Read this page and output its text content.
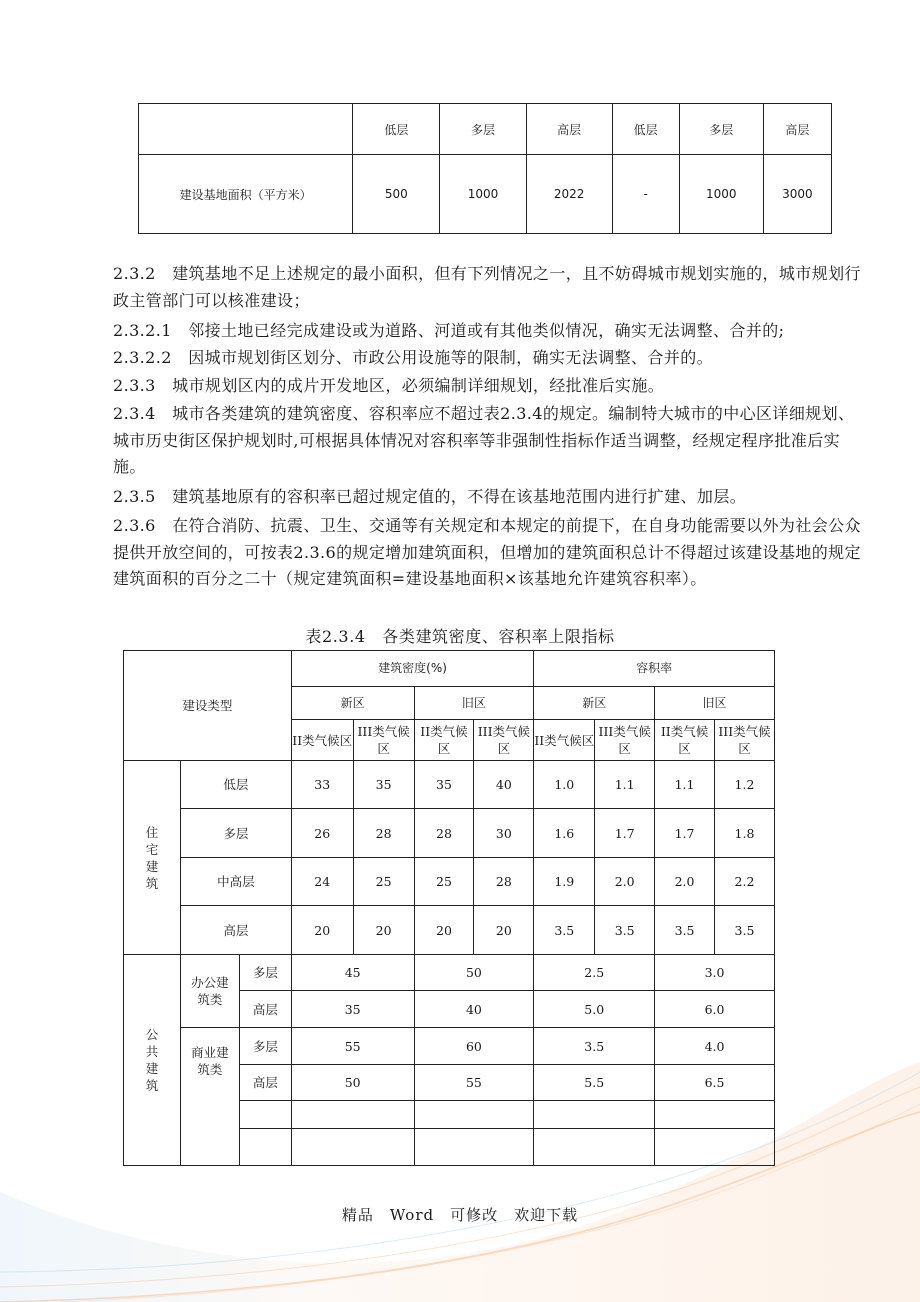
	低层	多层	高层	低层	多层	高层
建设基地面积（平方米）	500	1000	2022	-	1000	3000

2.3.2　 建筑基地不足上述规定的最小面积，但有下列情况之一，且不妨碍城市规划实施的，城市规划行政主管部门可以核准建设；

2.3.2.1　 邻接土地已经完成建设或为道路、河道或有其他类似情况，确实无法调整、合并的;

2.3.2.2　 因城市规划街区划分、市政公用设施等的限制，确实无法调整、合并的。

2.3.3　 城市规划区内的成片开发地区，必须编制详细规划，经批准后实施。

2.3.4　 城市各类建筑的建筑密度、容积率应不超过表2.3.4的规定。编制特大城市的中心区详细规划、城市历史街区保护规划时,可根据具体情况对容积率等非强制性指标作适当调整，经规定程序批准后实施。

2.3.5　 建筑基地原有的容积率已超过规定值的，不得在该基地范围内进行扩建、加层。

2.3.6　 在符合消防、抗震、卫生、交通等有关规定和本规定的前提下，在自身功能需要以外为社会公众提供开放空间的，可按表2.3.6的规定增加建筑面积，但增加的建筑面积总计不得超过该建设基地的规定建筑面积的百分之二十（规定建筑面积=建设基地面积×该基地允许建筑容积率）。

表2.3.4　各类建筑密度、容积率上限指标
建设类型			建筑密度(%)				容积率			
			新区		旧区		新区		旧区	
			II类气候区	III类气候区	II类气候区	III类气候区	II类气候区	III类气候区	II类气候区	III类气候区
住宅建筑	低层		33	35	35	40	1.0	1.1	1.1	1.2
	多层		26	28	28	30	1.6	1.7	1.7	1.8
	中高层		24	25	25	28	1.9	2.0	2.0	2.2
	高层		20	20	20	20	3.5	3.5	3.5	3.5
公共建筑	办公建筑类	多层	45		50		2.5		3.0	
		高层	35		40		5.0		6.0	
	商业建筑类	多层	55		60		3.5		4.0	
		高层	50		55		5.5		6.5	

精品 Word 可修改 欢迎下载
